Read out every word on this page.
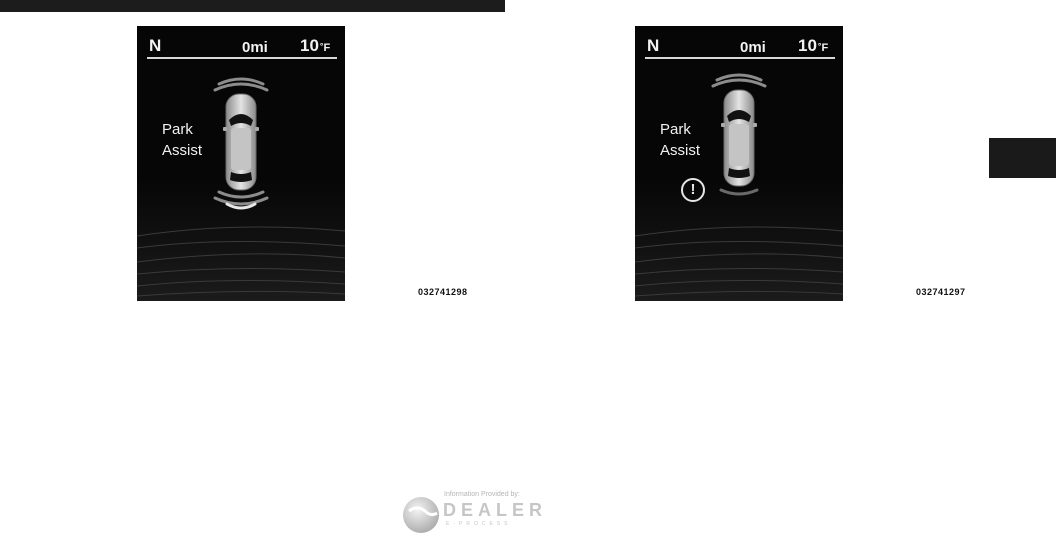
N	0mi 10°F
Park
Assist
032741298
N	0mi 10°F
Park
Assist
!
032741297
Information Provided by:
DEALER
E-PROCESS
